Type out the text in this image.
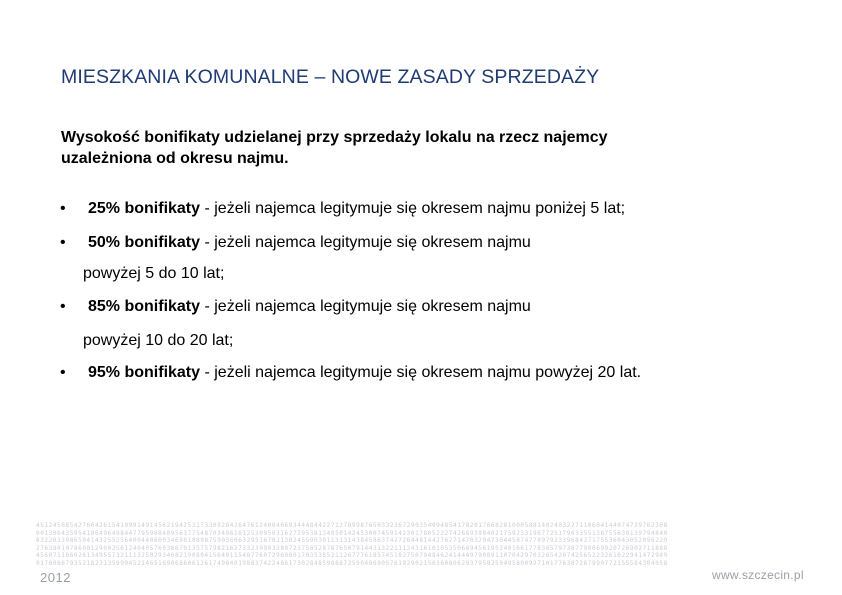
MIESZKANIA KOMUNALNE – NOWE ZASADY SPRZEDAŻY
Wysokość bonifikaty udzielanej przy sprzedaży lokalu na rzecz najemcy
uzależniona od okresu najmu.
• 25% bonifikaty - jeżeli najemca legitymuje się okresem najmu poniżej 5 lat;
• 50% bonifikaty - jeżeli najemca legitymuje się okresem najmu
powyżej 5 do 10 lat;
• 85% bonifikaty - jeżeli najemca legitymuje się okresem najmu
powyżej 10 do 20 lat;
• 95% bonifikaty - jeżeli najemca legitymuje się okresem najmu powyżej 20 lat.
451245085427604261541099149145621942531733092842647612400466934448442271278998765033236729035409485417820176682810005881402403227110604144074739762308
001306435954186496498447795968409563775487034961612530950316273953813485014245300745914230178052327426893984021759233196772517963355138755630139794840
832203398650414325525640044060034698108987590360632951670213024559030113131438458637427264481442762714703204730445074770979233968437175536043052096229
276380107860012900256124040576938670135757982162733239903389723758528787650791443132211124316101053506894561952401661778365797387790069920726902711888
456071186026134955732111325029346821908041564911548776072969691703538521126777618574518275079484624144497908911070429703265420742565223261022941472949
917608679352182313599045214651690686061261749840198837422486173028485988872590496005761929021503608062937958259495800927101776387287990772155584304058
2012	www.szczecin.pl
